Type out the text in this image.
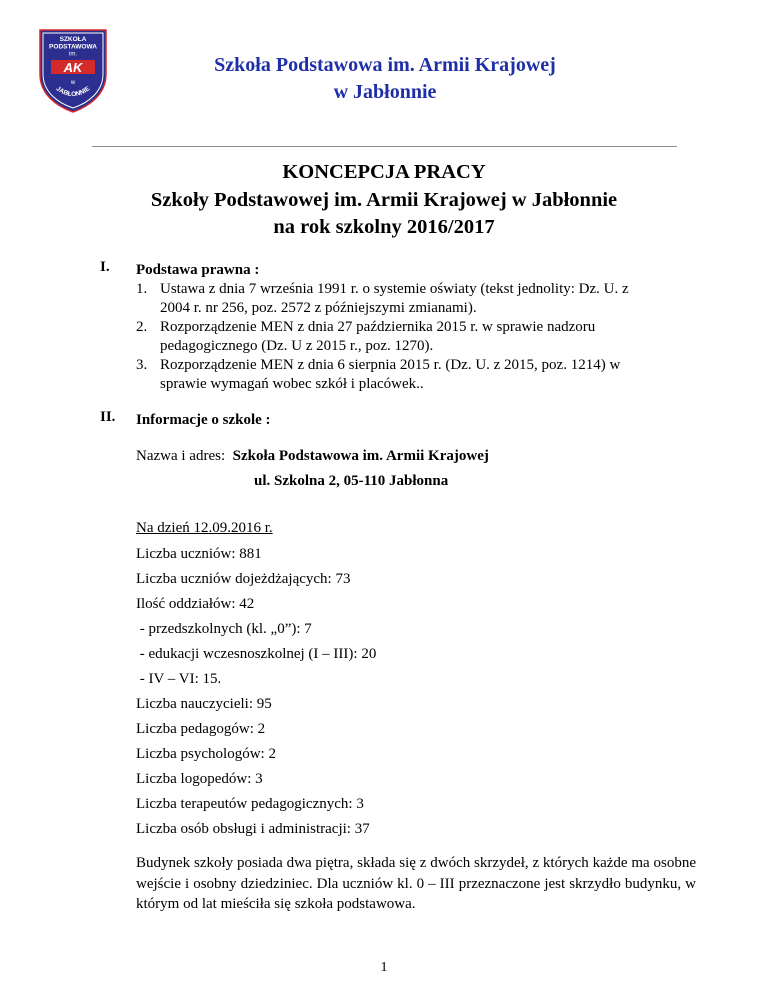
SZKOŁA
PODSTAWOWA
im.
AK
w
JABŁONNIE
Szkoła Podstawowa im. Armii Krajowej
w Jabłonnie
KONCEPCJA PRACY
Szkoły Podstawowej im. Armii Krajowej w Jabłonnie
na rok szkolny 2016/2017
I. Podstawa prawna :
1. Ustawa z dnia 7 września 1991 r. o systemie oświaty (tekst jednolity: Dz. U. z
2004 r. nr 256, poz. 2572 z późniejszymi zmianami).
2. Rozporządzenie MEN z dnia 27 października 2015 r. w sprawie nadzoru
pedagogicznego (Dz. U z 2015 r., poz. 1270).
3. Rozporządzenie MEN z dnia 6 sierpnia 2015 r. (Dz. U. z 2015, poz. 1214) w
sprawie wymagań wobec szkół i placówek..
II. Informacje o szkole :
Nazwa i adres: Szkoła Podstawowa im. Armii Krajowej
ul. Szkolna 2, 05-110 Jabłonna
Na dzień 12.09.2016 r.
Liczba uczniów: 881
Liczba uczniów dojeżdżających: 73
Ilość oddziałów: 42
- przedszkolnych (kl. „0”): 7
- edukacji wczesnoszkolnej (I – III): 20
- IV – VI: 15.
Liczba nauczycieli: 95
Liczba pedagogów: 2
Liczba psychologów: 2
Liczba logopedów: 3
Liczba terapeutów pedagogicznych: 3
Liczba osób obsługi i administracji: 37
Budynek szkoły posiada dwa piętra, składa się z dwóch skrzydeł, z których każde ma osobne wejście i osobny dziedziniec. Dla uczniów kl. 0 – III przeznaczone jest skrzydło budynku, w którym od lat mieściła się szkoła podstawowa.
1
